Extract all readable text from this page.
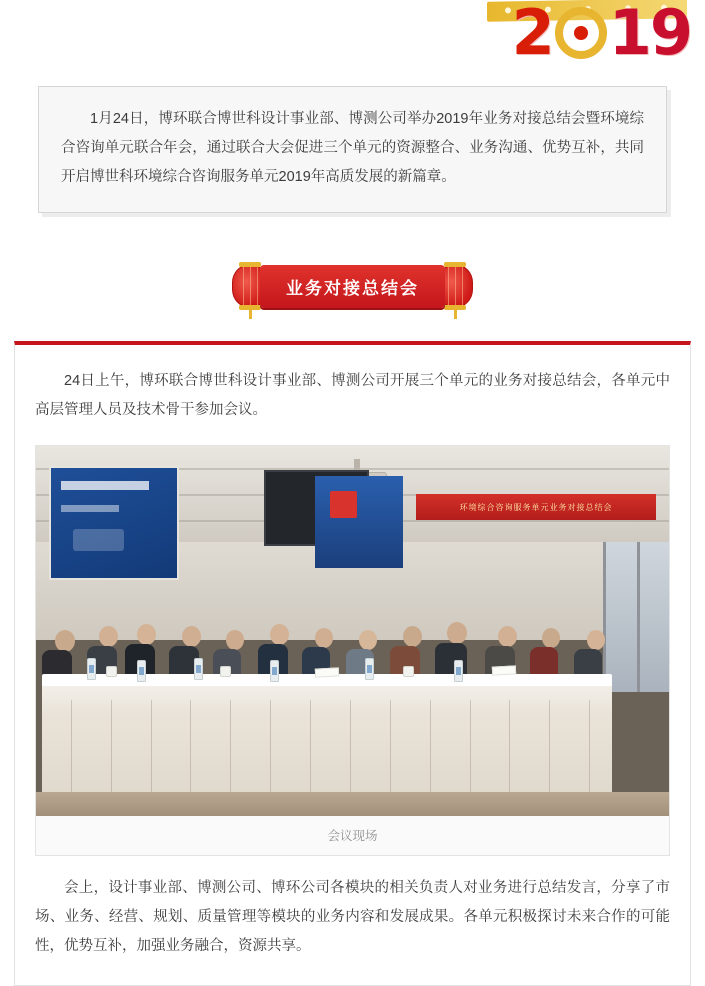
2 1 9

1月24日，博环联合博世科设计事业部、博测公司举办2019年业务对接总结会暨环境综合咨询单元联合年会，通过联合大会促进三个单元的资源整合、业务沟通、优势互补，共同开启博世科环境综合咨询服务单元2019年高质发展的新篇章。

业务对接总结会

24日上午，博环联合博世科设计事业部、博测公司开展三个单元的业务对接总结会，各单元中高层管理人员及技术骨干参加会议。

环境综合咨询服务单元业务对接总结会
会议现场

会上，设计事业部、博测公司、博环公司各模块的相关负责人对业务进行总结发言，分享了市场、业务、经营、规划、质量管理等模块的业务内容和发展成果。各单元积极探讨未来合作的可能性，优势互补，加强业务融合，资源共享。
